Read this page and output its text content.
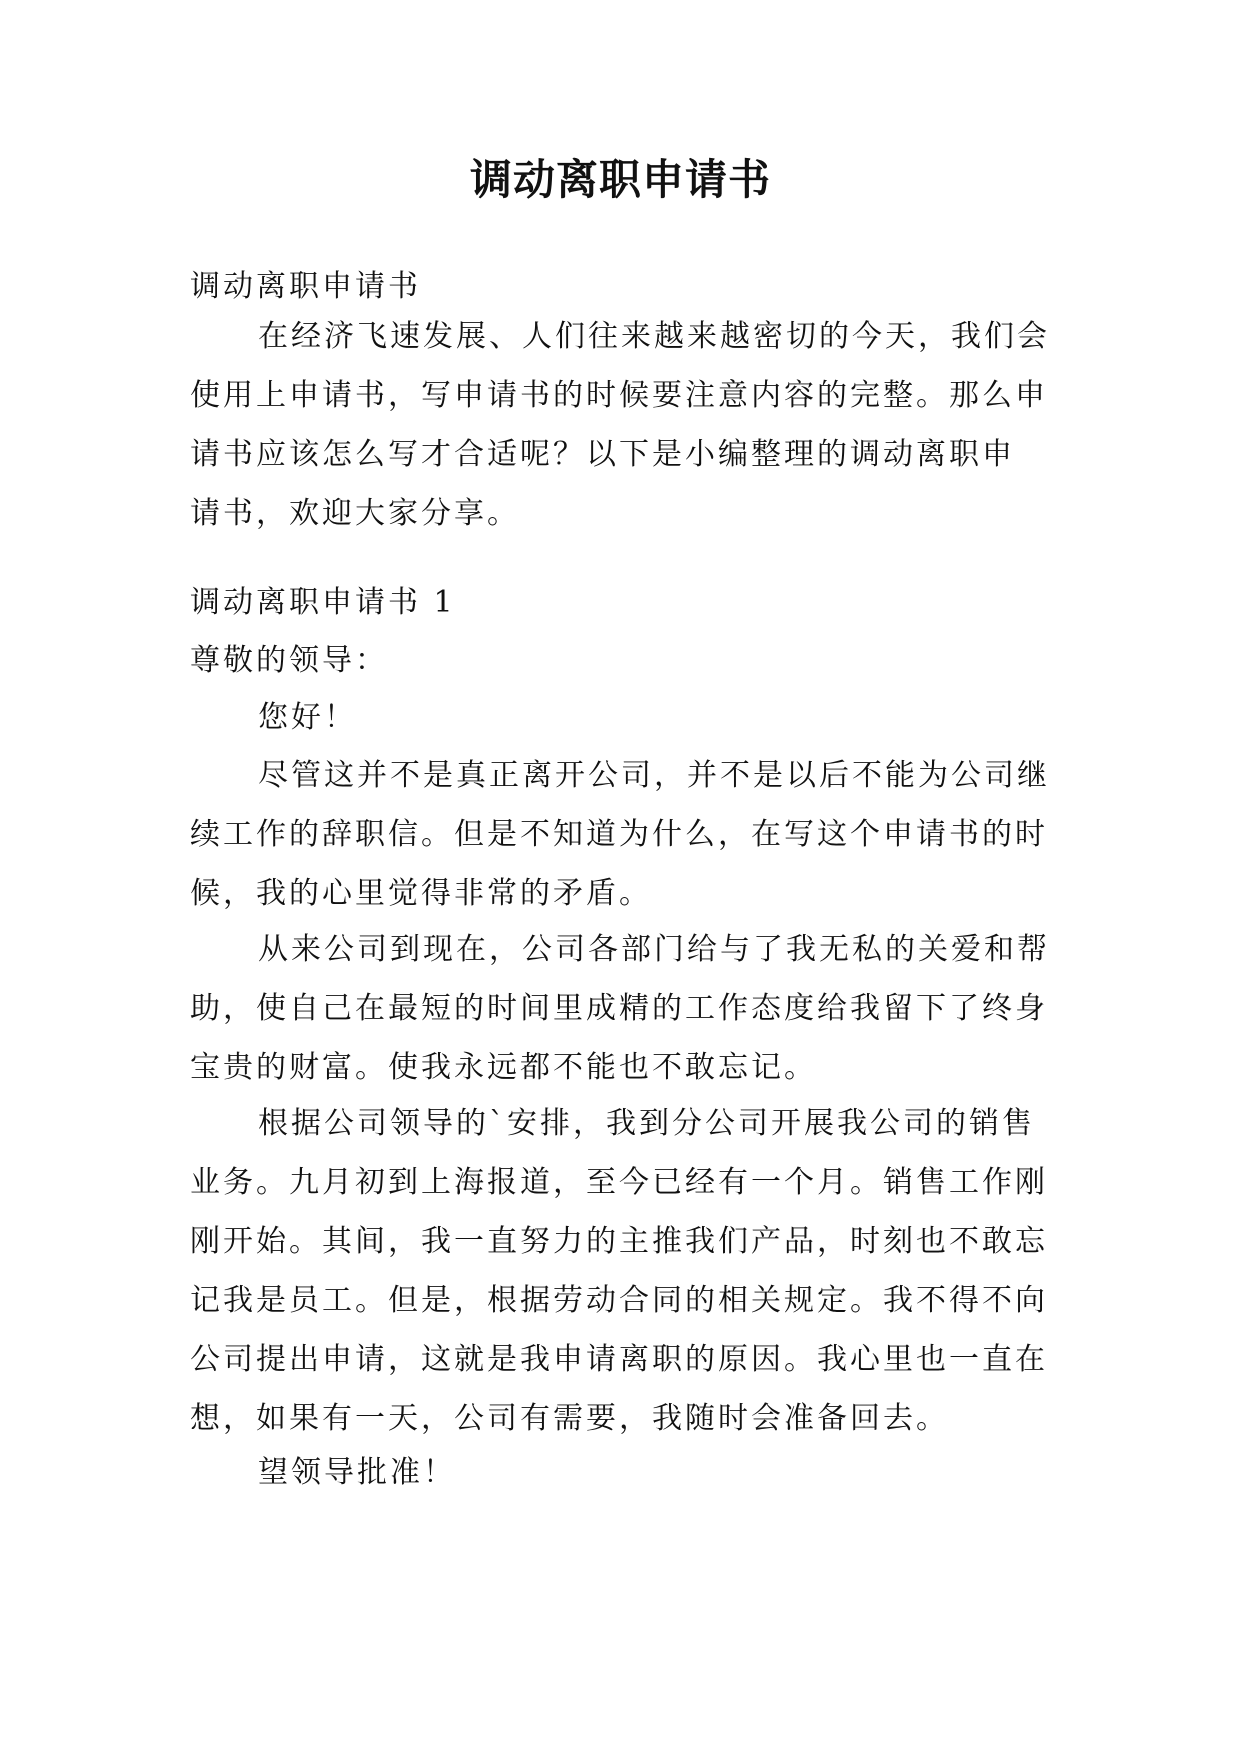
调动离职申请书

调动离职申请书

在经济飞速发展、人们往来越来越密切的今天，我们会
使用上申请书，写申请书的时候要注意内容的完整。那么申
请书应该怎么写才合适呢？以下是小编整理的调动离职申
请书，欢迎大家分享。

调动离职申请书 1

尊敬的领导：

您好！

尽管这并不是真正离开公司，并不是以后不能为公司继
续工作的辞职信。但是不知道为什么，在写这个申请书的时
候，我的心里觉得非常的矛盾。
从来公司到现在，公司各部门给与了我无私的关爱和帮
助，使自己在最短的时间里成精的工作态度给我留下了终身
宝贵的财富。使我永远都不能也不敢忘记。
根据公司领导的`安排，我到分公司开展我公司的销售
业务。九月初到上海报道，至今已经有一个月。销售工作刚
刚开始。其间，我一直努力的主推我们产品，时刻也不敢忘
记我是员工。但是，根据劳动合同的相关规定。我不得不向
公司提出申请，这就是我申请离职的原因。我心里也一直在
想，如果有一天，公司有需要，我随时会准备回去。

望领导批准！
